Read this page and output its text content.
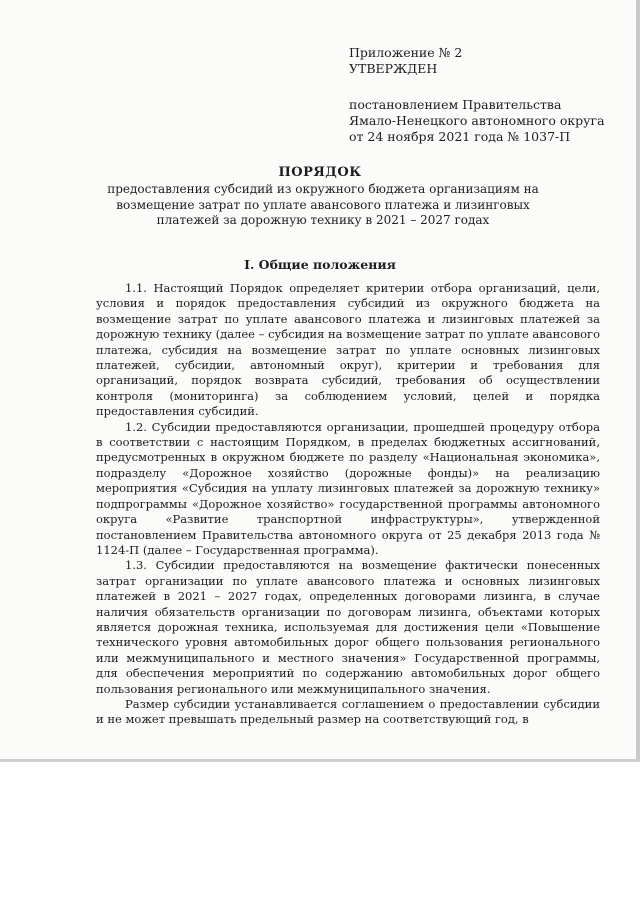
Приложение № 2
УТВЕРЖДЕН
постановлением Правительства
Ямало-Ненецкого автономного округа
от 24 ноября 2021 года № 1037-П
ПОРЯДОК
предоставления субсидий из окружного бюджета организациям на возмещение затрат по уплате авансового платежа и лизинговых платежей за дорожную технику в 2021 – 2027 годах
I. Общие положения

1.1. Настоящий Порядок определяет критерии отбора организаций, цели, условия и порядок предоставления субсидий из окружного бюджета на возмещение затрат по уплате авансового платежа и лизинговых платежей за дорожную технику (далее – субсидия на возмещение затрат по уплате авансового платежа, субсидия на возмещение затрат по уплате основных лизинговых платежей, субсидии, автономный округ), критерии и требования для организаций, порядок возврата субсидий, требования об осуществлении контроля (мониторинга) за соблюдением условий, целей и порядка предоставления субсидий.

1.2. Субсидии предоставляются организации, прошедшей процедуру отбора в соответствии с настоящим Порядком, в пределах бюджетных ассигнований, предусмотренных в окружном бюджете по разделу «Национальная экономика», подразделу «Дорожное хозяйство (дорожные фонды)» на реализацию мероприятия «Субсидия на уплату лизинговых платежей за дорожную технику» подпрограммы «Дорожное хозяйство» государственной программы автономного округа «Развитие транспортной инфраструктуры», утвержденной постановлением Правительства автономного округа от 25 декабря 2013 года № 1124-П (далее – Государственная программа).

1.3. Субсидии предоставляются на возмещение фактически понесенных затрат организации по уплате авансового платежа и основных лизинговых платежей в 2021 – 2027 годах, определенных договорами лизинга, в случае наличия обязательств организации по договорам лизинга, объектами которых является дорожная техника, используемая для достижения цели «Повышение технического уровня автомобильных дорог общего пользования регионального или межмуниципального и местного значения» Государственной программы, для обеспечения мероприятий по содержанию автомобильных дорог общего пользования регионального или межмуниципального значения.

Размер субсидии устанавливается соглашением о предоставлении субсидии и не может превышать предельный размер на соответствующий год, в
